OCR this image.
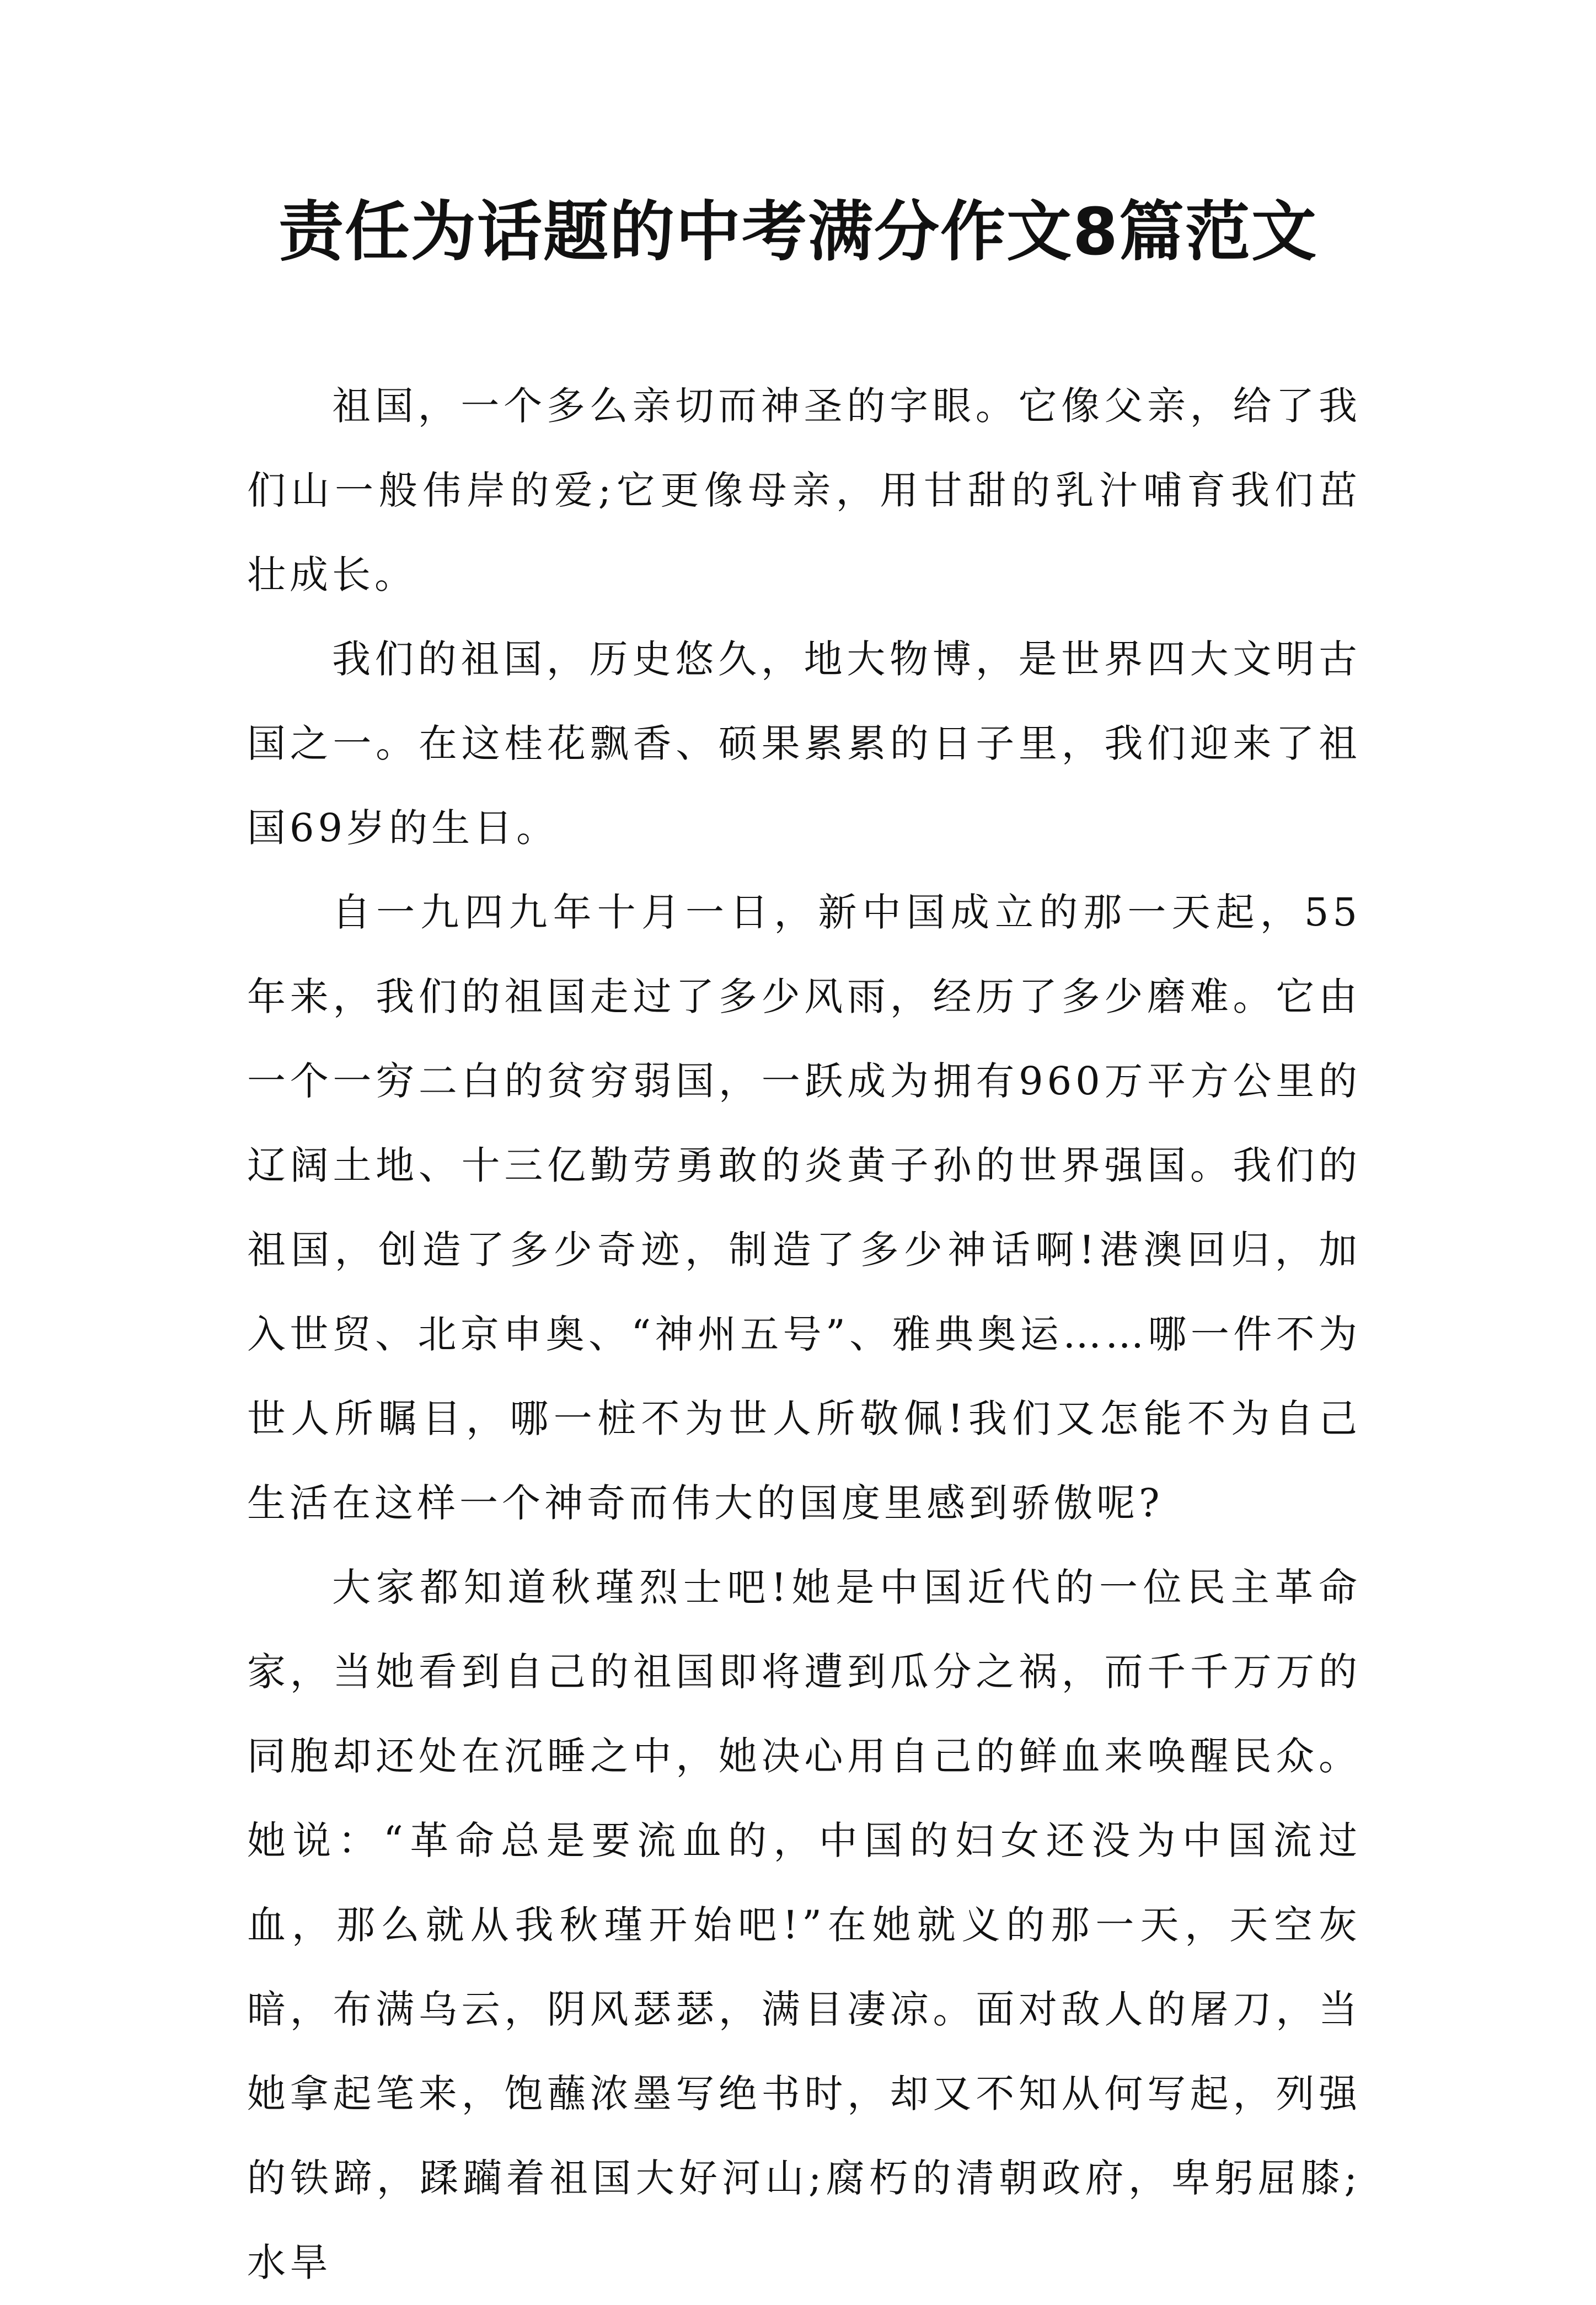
责任为话题的中考满分作文8篇范文

祖国，一个多么亲切而神圣的字眼。它像父亲，给了我们山一般伟岸的爱;它更像母亲，用甘甜的乳汁哺育我们茁壮成长。

我们的祖国，历史悠久，地大物博，是世界四大文明古国之一。在这桂花飘香、硕果累累的日子里，我们迎来了祖国69岁的生日。

自一九四九年十月一日，新中国成立的那一天起，55年来，我们的祖国走过了多少风雨，经历了多少磨难。它由一个一穷二白的贫穷弱国，一跃成为拥有960万平方公里的辽阔土地、十三亿勤劳勇敢的炎黄子孙的世界强国。我们的祖国，创造了多少奇迹，制造了多少神话啊!港澳回归，加入世贸、北京申奥、“神州五号”、雅典奥运……哪一件不为世人所瞩目，哪一桩不为世人所敬佩!我们又怎能不为自己生活在这样一个神奇而伟大的国度里感到骄傲呢?

大家都知道秋瑾烈士吧!她是中国近代的一位民主革命家，当她看到自己的祖国即将遭到瓜分之祸，而千千万万的同胞却还处在沉睡之中，她决心用自己的鲜血来唤醒民众。她说：“革命总是要流血的，中国的妇女还没为中国流过血，那么就从我秋瑾开始吧!”在她就义的那一天，天空灰暗，布满乌云，阴风瑟瑟，满目凄凉。面对敌人的屠刀，当她拿起笔来，饱蘸浓墨写绝书时，却又不知从何写起，列强的铁蹄，蹂躏着祖国大好河山;腐朽的清朝政府，卑躬屈膝;水旱
